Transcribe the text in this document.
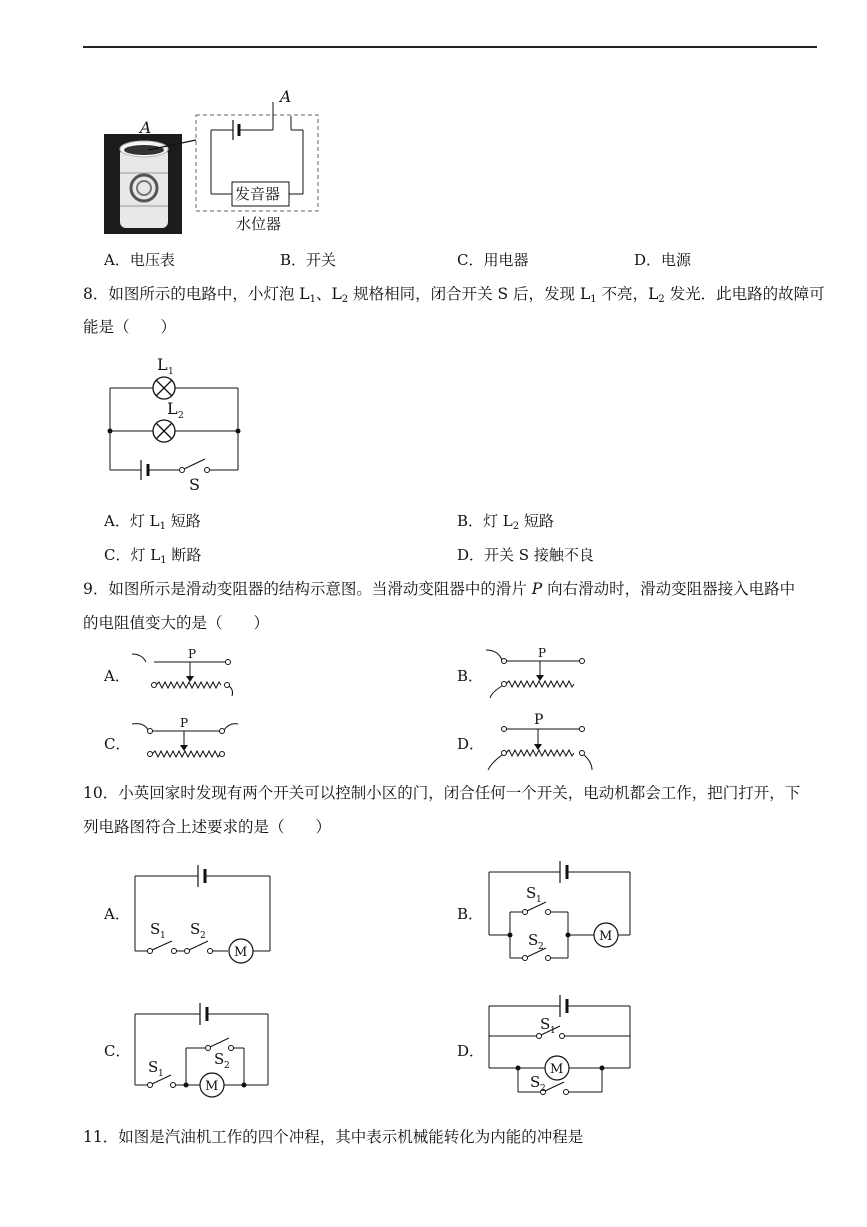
A
A
发音器
水位器
A．电压表	B．开关	C．用电器	D．电源
8．如图所示的电路中，小灯泡 $L_1$、$L_2$ 规格相同，闭合开关 S 后，发现 $L_1$ 不亮，$L_2$ 发光．此电路的故障可
能是（　　）
L 1
L 2
S
A．灯 $L_1$ 短路	B．灯 $L_2$ 短路
C．灯 $L_1$ 断路	D．开关 S 接触不良
9．如图所示是滑动变阻器的结构示意图。当滑动变阻器中的滑片 P 向右滑动时，滑动变阻器接入电路中
的电阻值变大的是（　　）
A．
P
B．
P
C．
P
D．
P
10．小英回家时发现有两个开关可以控制小区的门，闭合任何一个开关，电动机都会工作，把门打开，下
列电路图符合上述要求的是（　　）
A．
M
S 1 S 2
B．
M
S 1
S 2
C．
M
S 1
S 2
D．
M
S 1
S 2
11．如图是汽油机工作的四个冲程，其中表示机械能转化为内能的冲程是
